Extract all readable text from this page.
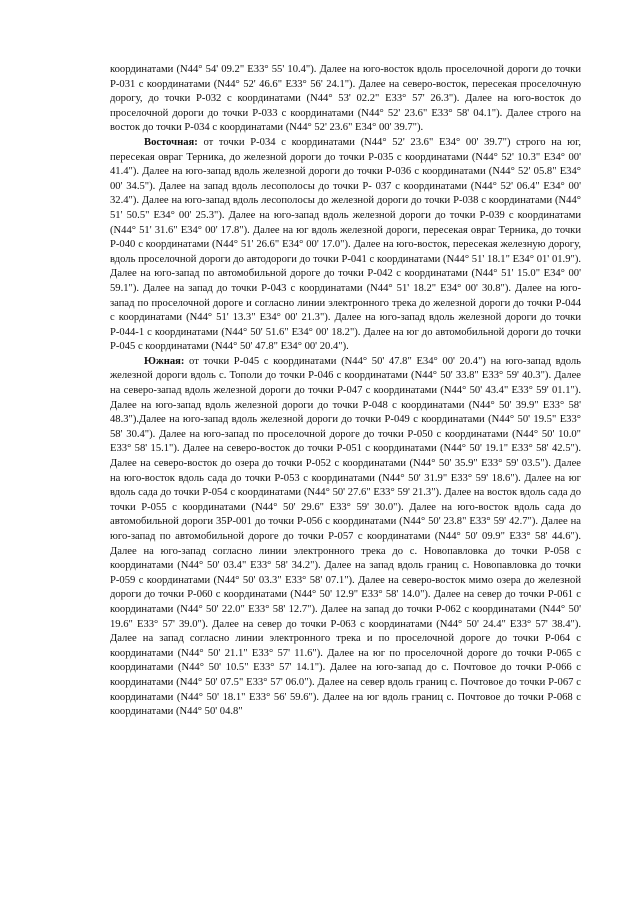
координатами (N44° 54' 09.2" E33° 55' 10.4"). Далее на юго-восток вдоль проселочной дороги до точки Р-031 с координатами (N44° 52' 46.6" E33° 56' 24.1"). Далее на северо-восток, пересекая проселочную дорогу, до точки Р-032 с координатами (N44° 53' 02.2" E33° 57' 26.3"). Далее на юго-восток до проселочной дороги до точки Р-033 с координатами (N44° 52' 23.6" E33° 58' 04.1"). Далее строго на восток до точки Р-034 с координатами (N44° 52' 23.6" E34° 00' 39.7").

Восточная: от точки Р-034 с координатами (N44° 52' 23.6" E34° 00' 39.7") строго на юг, пересекая овраг Терника, до железной дороги до точки Р-035 с координатами (N44° 52' 10.3" E34° 00' 41.4"). Далее на юго-запад вдоль железной дороги до точки Р-036 с координатами (N44° 52' 05.8" E34° 00' 34.5"). Далее на запад вдоль лесополосы до точки Р- 037 с координатами (N44° 52' 06.4" E34° 00' 32.4"). Далее на юго-запад вдоль лесополосы до железной дороги до точки Р-038 с координатами (N44° 51' 50.5" E34° 00' 25.3"). Далее на юго-запад вдоль железной дороги до точки Р-039 с координатами (N44° 51' 31.6" E34° 00' 17.8"). Далее на юг вдоль железной дороги, пересекая овраг Терника, до точки Р-040 с координатами (N44° 51' 26.6" E34° 00' 17.0"). Далее на юго-восток, пересекая железную дорогу, вдоль проселочной дороги до автодороги до точки Р-041 с координатами (N44° 51' 18.1" E34° 01' 01.9"). Далее на юго-запад по автомобильной дороге до точки Р-042 с координатами (N44° 51' 15.0" E34° 00' 59.1"). Далее на запад до точки Р-043 с координатами (N44° 51' 18.2" E34° 00' 30.8"). Далее на юго-запад по проселочной дороге и согласно линии электронного трека до железной дороги до точки Р-044 с координатами (N44° 51' 13.3" E34° 00' 21.3"). Далее на юго-запад вдоль железной дороги до точки Р-044-1 с координатами (N44° 50' 51.6" E34° 00' 18.2"). Далее на юг до автомобильной дороги до точки Р-045 с координатами (N44° 50' 47.8" E34° 00' 20.4").

Южная: от точки Р-045 с координатами (N44° 50' 47.8" E34° 00' 20.4") на юго-запад вдоль железной дороги вдоль с. Тополи до точки Р-046 с координатами (N44° 50' 33.8" E33° 59' 40.3"). Далее на северо-запад вдоль железной дороги до точки Р-047 с координатами (N44° 50' 43.4" E33° 59' 01.1"). Далее на юго-запад вдоль железной дороги до точки Р-048 с координатами (N44° 50' 39.9" E33° 58' 48.3").Далее на юго-запад вдоль железной дороги до точки Р-049 с координатами (N44° 50' 19.5" E33° 58' 30.4"). Далее на юго-запад по проселочной дороге до точки Р-050 с координатами (N44° 50' 10.0" E33° 58' 15.1"). Далее на северо-восток до точки Р-051 с координатами (N44° 50' 19.1" E33° 58' 42.5"). Далее на северо-восток до озера до точки Р-052 с координатами (N44° 50' 35.9" E33° 59' 03.5"). Далее на юго-восток вдоль сада до точки Р-053 с координатами (N44° 50' 31.9" E33° 59' 18.6"). Далее на юг вдоль сада до точки Р-054 с координатами (N44° 50' 27.6" E33° 59' 21.3"). Далее на восток вдоль сада до точки Р-055 с координатами (N44° 50' 29.6" E33° 59' 30.0"). Далее на юго-восток вдоль сада до автомобильной дороги 35Р-001 до точки Р-056 с координатами (N44° 50' 23.8" E33° 59' 42.7"). Далее на юго-запад по автомобильной дороге до точки Р-057 с координатами (N44° 50' 09.9" E33° 58' 44.6"). Далее на юго-запад согласно линии электронного трека до с. Новопавловка до точки Р-058 с координатами (N44° 50' 03.4" E33° 58' 34.2"). Далее на запад вдоль границ с. Новопавловка до точки Р-059 с координатами (N44° 50' 03.3" E33° 58' 07.1"). Далее на северо-восток мимо озера до железной дороги до точки Р-060 с координатами (N44° 50' 12.9" E33° 58' 14.0"). Далее на север до точки Р-061 с координатами (N44° 50' 22.0" E33° 58' 12.7"). Далее на запад до точки Р-062 с координатами (N44° 50' 19.6" E33° 57' 39.0"). Далее на север до точки Р-063 с координатами (N44° 50' 24.4" E33° 57' 38.4"). Далее на запад согласно линии электронного трека и по проселочной дороге до точки Р-064 с координатами (N44° 50' 21.1" E33° 57' 11.6"). Далее на юг по проселочной дороге до точки Р-065 с координатами (N44° 50' 10.5" E33° 57' 14.1"). Далее на юго-запад до с. Почтовое до точки Р-066 с координатами (N44° 50' 07.5" E33° 57' 06.0"). Далее на север вдоль границ с. Почтовое до точки Р-067 с координатами (N44° 50' 18.1" E33° 56' 59.6"). Далее на юг вдоль границ с. Почтовое до точки Р-068 с координатами (N44° 50' 04.8"
